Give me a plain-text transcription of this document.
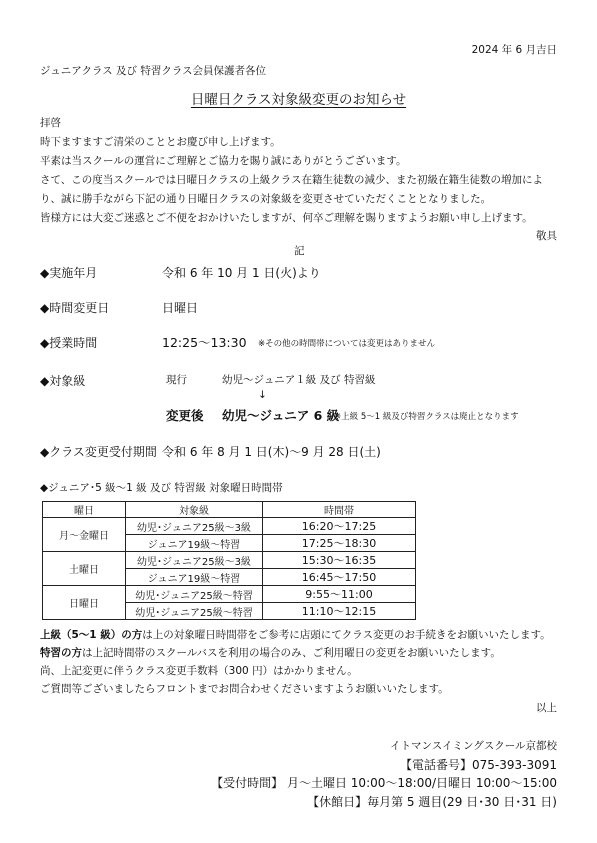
2024 年 6 月吉日
ジュニアクラス 及び 特習クラス会員保護者各位
日曜日クラス対象級変更のお知らせ
拝啓
時下ますますご清栄のこととお慶び申し上げます。
平素は当スクールの運営にご理解とご協力を賜り誠にありがとうございます。
さて、この度当スクールでは日曜日クラスの上級クラス在籍生徒数の減少、また初級在籍生徒数の増加によ
り、誠に勝手ながら下記の通り日曜日クラスの対象級を変更させていただくこととなりました。
皆様方には大変ご迷惑とご不便をおかけいたしますが、何卒ご理解を賜りますようお願い申し上げます。
敬具
記
◆実施年月	令和 6 年 10 月 1 日(火)より
◆時間変更日	日曜日
◆授業時間	12:25～13:30 ※その他の時間帯については変更はありません
◆対象級	現行	幼児～ジュニア１級 及び 特習級
↓
変更後 幼児～ジュニア 6 級
※上級 5～1 級及び特習クラスは廃止となります
◆クラス変更受付期間 令和 6 年 8 月 1 日(木)～9 月 28 日(土)
◆ジュニア･5 級～1 級 及び 特習級 対象曜日時間帯
曜日	対象級	時間帯
月～金曜日	幼児･ジュニア25級～3級	16:20～17:25
	ジュニア19級～特習	17:25～18:30
土曜日	幼児･ジュニア25級～3級	15:30～16:35
	ジュニア19級～特習	16:45～17:50
日曜日	幼児･ジュニア25級～特習	9:55～11:00
	幼児･ジュニア25級～特習	11:10～12:15
上級（5～1 級）の方は上の対象曜日時間帯をご参考に店頭にてクラス変更のお手続きをお願いいたします。
特習の方は上記時間帯のスクールバスを利用の場合のみ、ご利用曜日の変更をお願いいたします。
尚、上記変更に伴うクラス変更手数料（300 円）はかかりません。
ご質問等ございましたらフロントまでお問合わせくださいますようお願いいたします。
以上
イトマンスイミングスクール京都校
【電話番号】075-393-3091
【受付時間】 月～土曜日 10:00～18:00/日曜日 10:00～15:00
【休館日】毎月第 5 週目(29 日･30 日･31 日)
